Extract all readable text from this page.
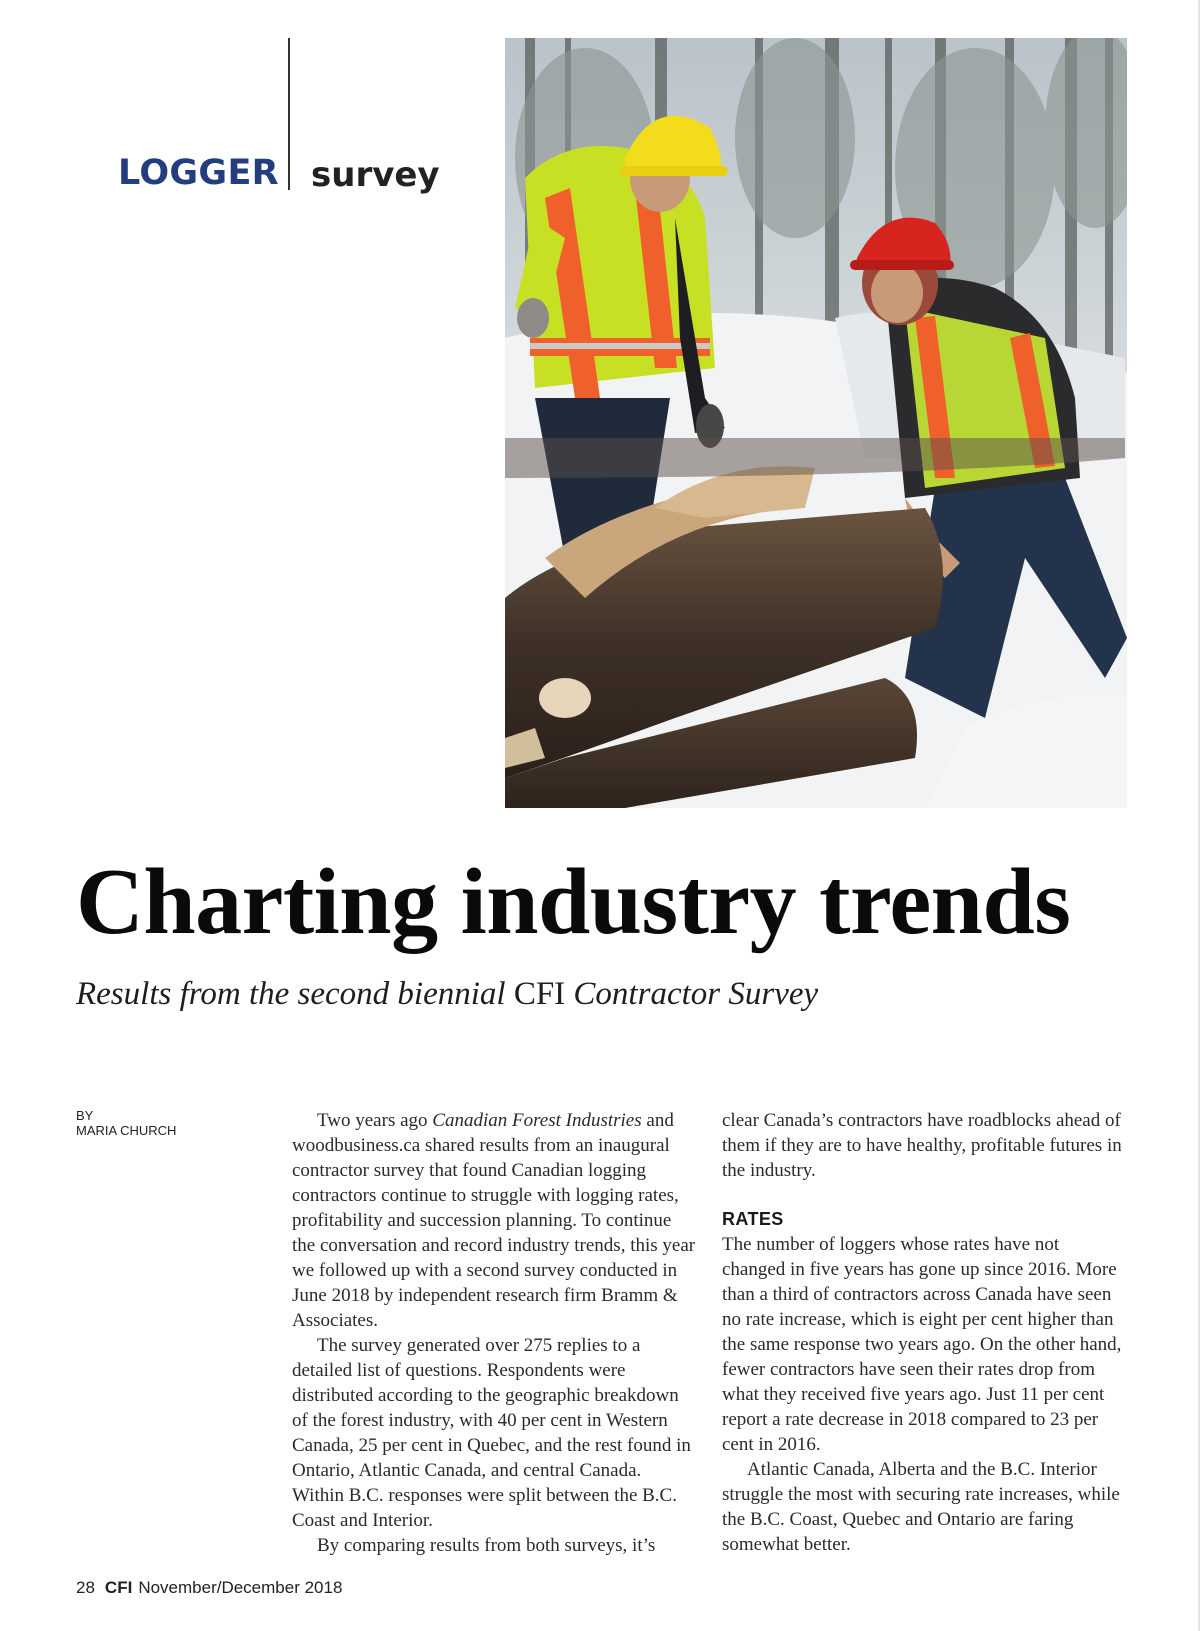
LOGGER survey
Charting industry trends

Results from the second biennial CFI Contractor Survey

BY
MARIA CHURCH	Two years ago Canadian Forest Industries and woodbusiness.ca shared results from an inaugural contractor survey that found Canadian logging contractors continue to struggle with logging rates, profitability and succession planning. To continue the conversation and record industry trends, this year we followed up with a second survey conducted in June 2018 by independent research firm Bramm & Associates.

The survey generated over 275 replies to a detailed list of questions. Respondents were distributed according to the geographic breakdown of the forest industry, with 40 per cent in Western Canada, 25 per cent in Quebec, and the rest found in Ontario, Atlantic Canada, and central Canada. Within B.C. responses were split between the B.C. Coast and Interior.

By comparing results from both surveys, it’s

clear Canada’s contractors have roadblocks ahead of them if they are to have healthy, profitable futures in the industry.

RATES

The number of loggers whose rates have not changed in five years has gone up since 2016. More than a third of contractors across Canada have seen no rate increase, which is eight per cent higher than the same response two years ago. On the other hand, fewer contractors have seen their rates drop from what they received five years ago. Just 11 per cent report a rate decrease in 2018 compared to 23 per cent in 2016.

Atlantic Canada, Alberta and the B.C. Interior struggle the most with securing rate increases, while the B.C. Coast, Quebec and Ontario are faring somewhat better.

28 CFI November/December 2018
